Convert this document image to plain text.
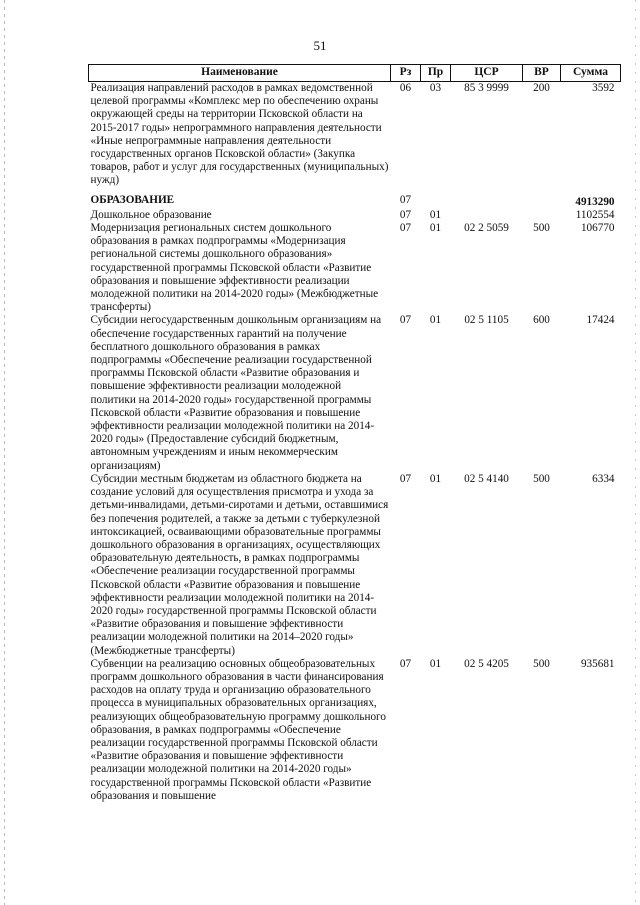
51
Наименование	Рз	Пр	ЦСР	ВР	Сумма
Реализация направлений расходов в рамках ведомственной целевой программы «Комплекс мер по обеспечению охраны окружающей среды на территории Псковской области на 2015-2017 годы» непрограммного направления деятельности «Иные непрограммные направления деятельности государственных органов Псковской области» (Закупка товаров, работ и услуг для государственных (муниципальных) нужд)	06	03	85 3 9999	200	3592
ОБРАЗОВАНИЕ	07				4913290
Дошкольное образование	07	01			1102554
Модернизация региональных систем дошкольного образования в рамках подпрограммы «Модернизация региональной системы дошкольного образования» государственной программы Псковской области «Развитие образования и повышение эффективности реализации молодежной политики на 2014-2020 годы» (Межбюджетные трансферты)	07	01	02 2 5059	500	106770
Субсидии негосударственным дошкольным организациям на обеспечение государственных гарантий на получение бесплатного дошкольного образования в рамках подпрограммы «Обеспечение реализации государственной программы Псковской области «Развитие образования и повышение эффективности реализации молодежной политики на 2014-2020 годы» государственной программы Псковской области «Развитие образования и повышение эффективности реализации молодежной политики на 2014-2020 годы» (Предоставление субсидий бюджетным, автономным учреждениям и иным некоммерческим организациям)	07	01	02 5 1105	600	17424
Субсидии местным бюджетам из областного бюджета на создание условий для осуществления присмотра и ухода за детьми-инвалидами, детьми-сиротами и детьми, оставшимися без попечения родителей, а также за детьми с туберкулезной интоксикацией, осваивающими образовательные программы дошкольного образования в организациях, осуществляющих образовательную деятельность, в рамках подпрограммы «Обеспечение реализации государственной программы Псковской области «Развитие образования и повышение эффективности реализации молодежной политики на 2014-2020 годы» государственной программы Псковской области «Развитие образования и повышение эффективности реализации молодежной политики на 2014–2020 годы» (Межбюджетные трансферты)	07	01	02 5 4140	500	6334
Субвенции на реализацию основных общеобразовательных программ дошкольного образования в части финансирования расходов на оплату труда и организацию образовательного процесса в муниципальных образовательных организациях, реализующих общеобразовательную программу дошкольного образования, в рамках подпрограммы «Обеспечение реализации государственной программы Псковской области «Развитие образования и повышение эффективности реализации молодежной политики на 2014-2020 годы» государственной программы Псковской области «Развитие образования и повышение	07	01	02 5 4205	500	935681
